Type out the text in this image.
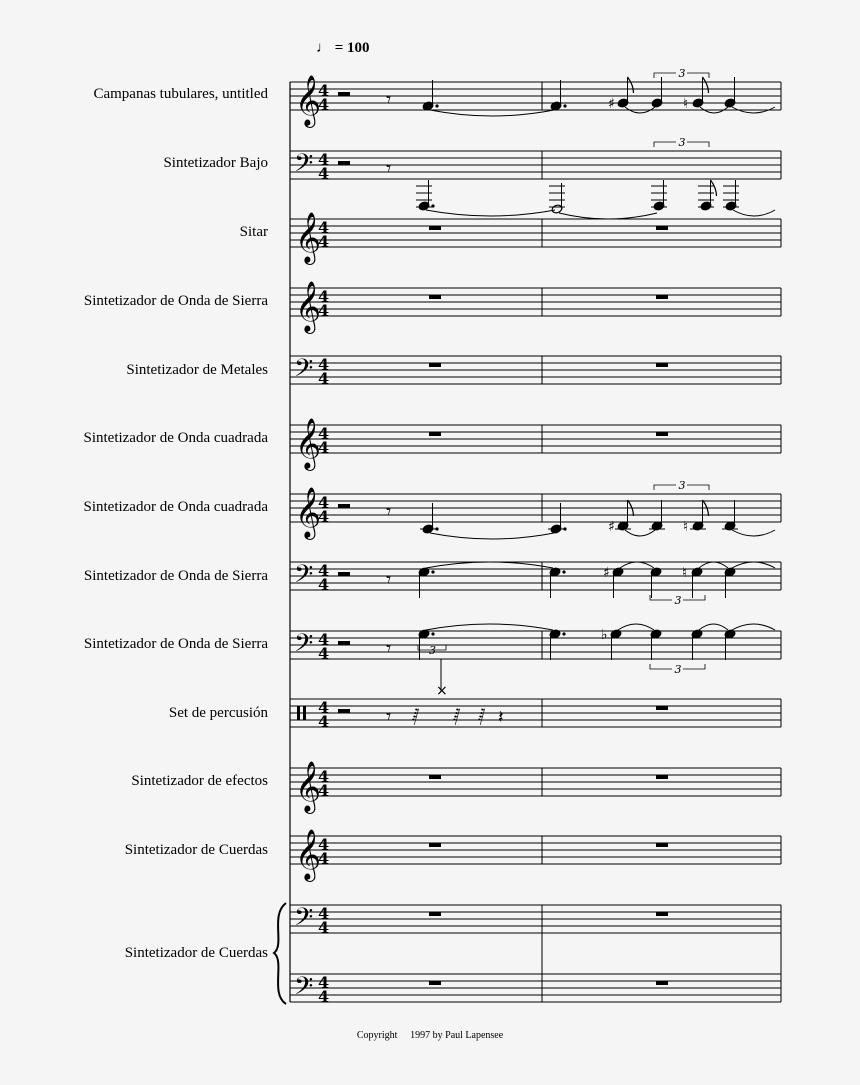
♩ = 100
Campanas tubulares, untitled
Sintetizador Bajo
Sitar
Sintetizador de Onda de Sierra
Sintetizador de Metales
Sintetizador de Onda cuadrada
Sintetizador de Onda cuadrada
Sintetizador de Onda de Sierra
Sintetizador de Onda de Sierra
Set de percusión
Sintetizador de efectos
Sintetizador de Cuerdas
Sintetizador de Cuerdas
𝄞
𝄢
𝄞
𝄞
𝄢
𝄞
𝄞
𝄢
𝄢
𝄞
𝄞
𝄢
𝄢
4
4
4
4
4
4
4
4
4
4
4
4
4
4
4
4
4
4
4
4
4
4
4
4
4
4
4
4
𝄾
𝄾
𝄾
𝄾
𝄾
𝄾 𝅁 𝅁 𝅁 𝄽
♯	♮
3
3
♯	♮
3
♯	♮
3
♭
3
3
×
Copyright   1997 by Paul Lapensee
